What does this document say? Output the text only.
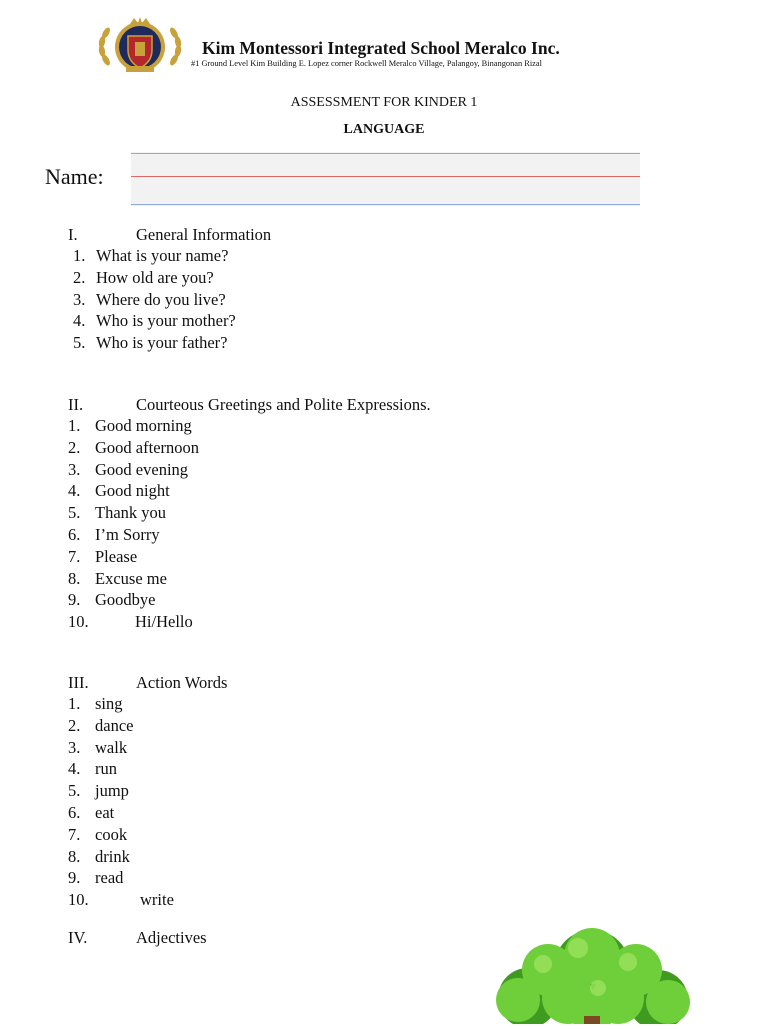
Kim Montessori Integrated School Meralco Inc.
#1 Ground Level Kim Building E. Lopez corner Rockwell Meralco Village, Palangoy, Binangonan Rizal
ASSESSMENT FOR KINDER 1
LANGUAGE
Name:
I.	General Information
1. What is your name?
2. How old are you?
3. Where do you live?
4. Who is your mother?
5. Who is your father?
II.	Courteous Greetings and Polite Expressions.
1. Good morning
2. Good afternoon
3. Good evening
4. Good night
5. Thank you
6. I’m Sorry
7. Please
8. Excuse me
9. Goodbye
10.	Hi/Hello
III.	Action Words
1. sing
2. dance
3. walk
4. run
5. jump
6. eat
7. cook
8. drink
9. read
10.	write
IV.	Adjectives
